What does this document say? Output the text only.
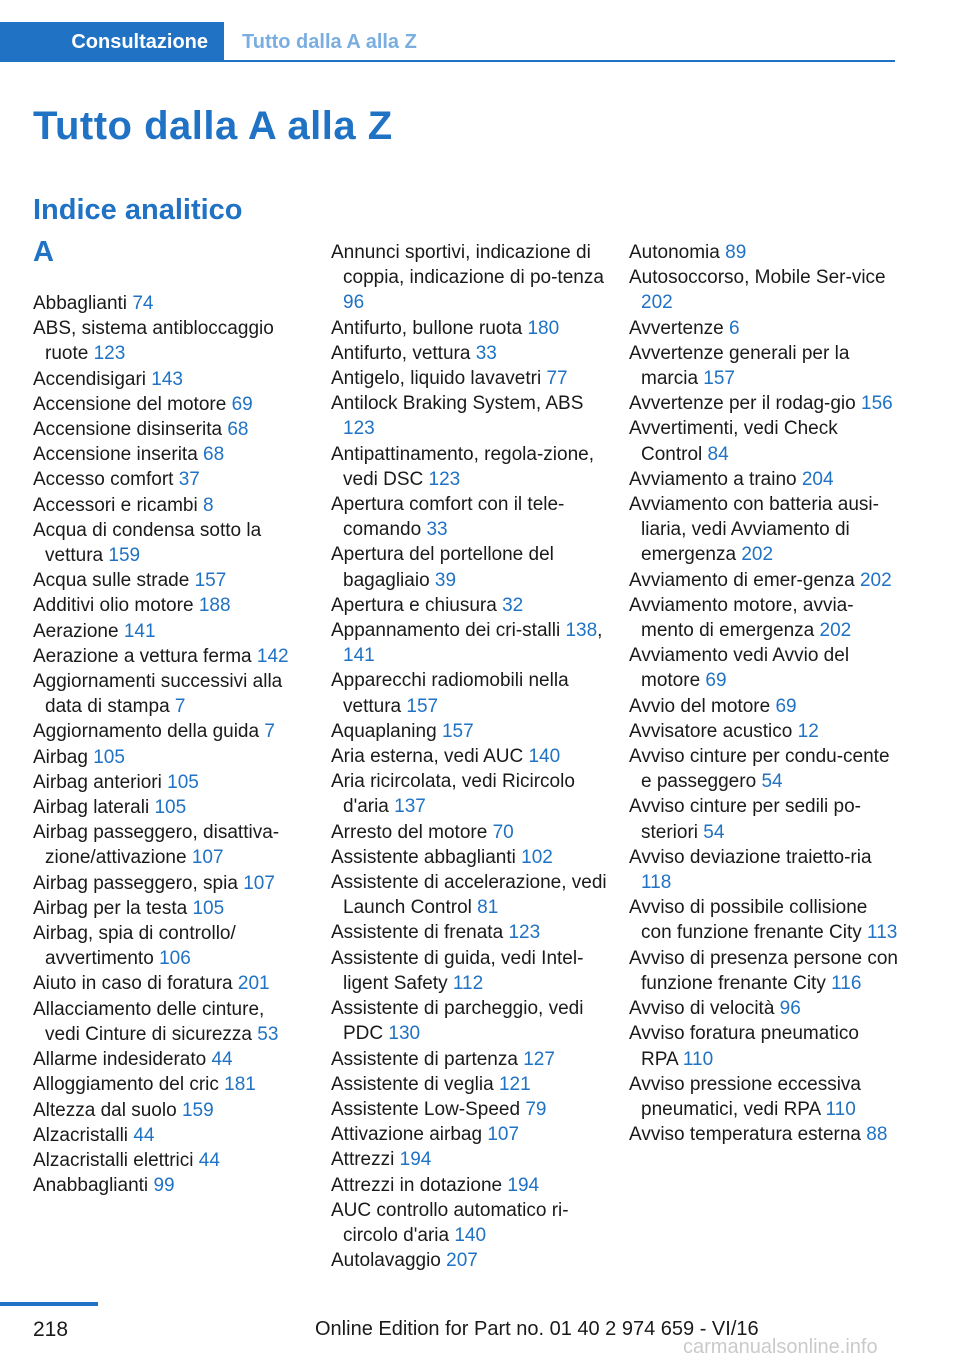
Consultazione	Tutto dalla A alla Z
Tutto dalla A alla Z
Indice analitico
A
Abbaglianti 74
ABS, sistema antibloccaggio ruote 123
Accendisigari 143
Accensione del motore 69
Accensione disinserita 68
Accensione inserita 68
Accesso comfort 37
Accessori e ricambi 8
Acqua di condensa sotto la vettura 159
Acqua sulle strade 157
Additivi olio motore 188
Aerazione 141
Aerazione a vettura ferma 142
Aggiornamenti successivi alla data di stampa 7
Aggiornamento della guida 7
Airbag 105
Airbag anteriori 105
Airbag laterali 105
Airbag passeggero, disattiva-zione/attivazione 107
Airbag passeggero, spia 107
Airbag per la testa 105
Airbag, spia di controllo/ avvertimento 106
Aiuto in caso di foratura 201
Allacciamento delle cinture, vedi Cinture di sicurezza 53
Allarme indesiderato 44
Alloggiamento del cric 181
Altezza dal suolo 159
Alzacristalli 44
Alzacristalli elettrici 44
Anabbaglianti 99
Annunci sportivi, indicazione di coppia, indicazione di po-tenza 96
Antifurto, bullone ruota 180
Antifurto, vettura 33
Antigelo, liquido lavavetri 77
Antilock Braking System, ABS 123
Antipattinamento, regola-zione, vedi DSC 123
Apertura comfort con il tele-comando 33
Apertura del portellone del bagagliaio 39
Apertura e chiusura 32
Appannamento dei cri-stalli 138, 141
Apparecchi radiomobili nella vettura 157
Aquaplaning 157
Aria esterna, vedi AUC 140
Aria ricircolata, vedi Ricircolo d'aria 137
Arresto del motore 70
Assistente abbaglianti 102
Assistente di accelerazione, vedi Launch Control 81
Assistente di frenata 123
Assistente di guida, vedi Intel-ligent Safety 112
Assistente di parcheggio, vedi PDC 130
Assistente di partenza 127
Assistente di veglia 121
Assistente Low-Speed 79
Attivazione airbag 107
Attrezzi 194
Attrezzi in dotazione 194
AUC controllo automatico ri-circolo d'aria 140
Autolavaggio 207
Autonomia 89
Autosoccorso, Mobile Ser-vice 202
Avvertenze 6
Avvertenze generali per la marcia 157
Avvertenze per il rodag-gio 156
Avvertimenti, vedi Check Control 84
Avviamento a traino 204
Avviamento con batteria ausi-liaria, vedi Avviamento di emergenza 202
Avviamento di emer-genza 202
Avviamento motore, avvia-mento di emergenza 202
Avviamento vedi Avvio del motore 69
Avvio del motore 69
Avvisatore acustico 12
Avviso cinture per condu-cente e passeggero 54
Avviso cinture per sedili po-steriori 54
Avviso deviazione traietto-ria 118
Avviso di possibile collisione con funzione frenante City 113
Avviso di presenza persone con funzione frenante City 116
Avviso di velocità 96
Avviso foratura pneumatico RPA 110
Avviso pressione eccessiva pneumatici, vedi RPA 110
Avviso temperatura esterna 88
218	Online Edition for Part no. 01 40 2 974 659 - VI/16
carmanualsonline.info
